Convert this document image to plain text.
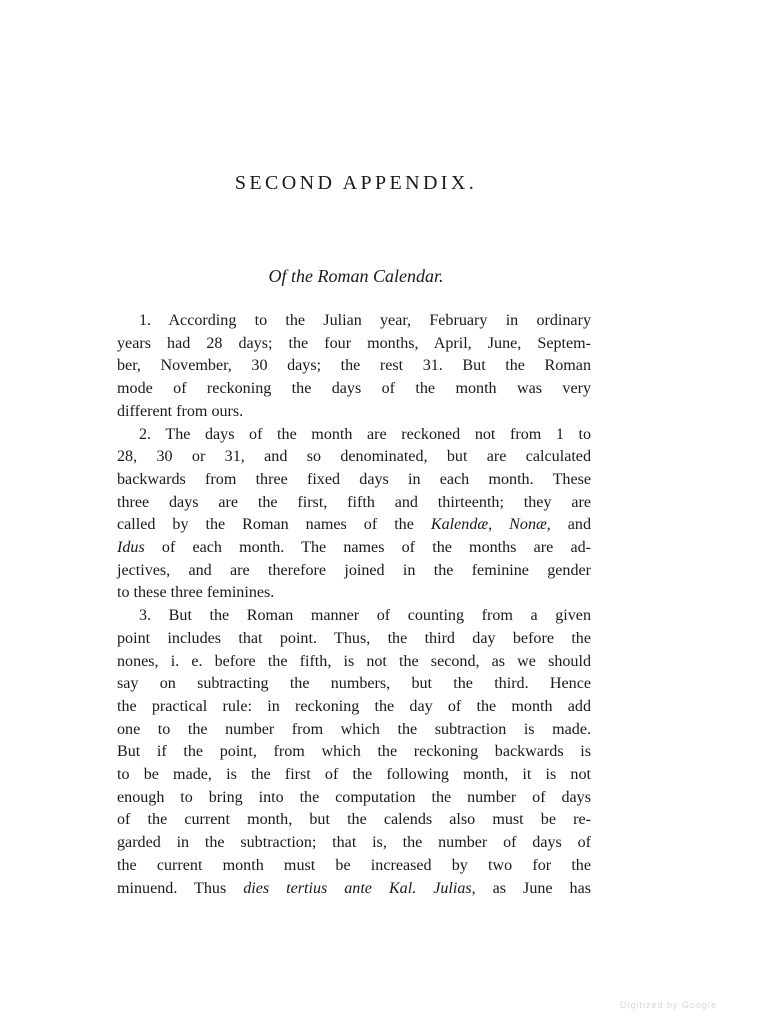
SECOND APPENDIX.
Of the Roman Calendar.
1. According to the Julian year, February in ordinary
years had 28 days; the four months, April, June, Septem-
ber, November, 30 days; the rest 31. But the Roman
mode of reckoning the days of the month was very
different from ours.
2. The days of the month are reckoned not from 1 to
28, 30 or 31, and so denominated, but are calculated
backwards from three fixed days in each month. These
three days are the first, fifth and thirteenth; they are
called by the Roman names of the Kalendæ, Nonæ, and
Idus of each month. The names of the months are ad-
jectives, and are therefore joined in the feminine gender
to these three feminines.
3. But the Roman manner of counting from a given
point includes that point. Thus, the third day before the
nones, i. e. before the fifth, is not the second, as we should
say on subtracting the numbers, but the third. Hence
the practical rule: in reckoning the day of the month add
one to the number from which the subtraction is made.
But if the point, from which the reckoning backwards is
to be made, is the first of the following month, it is not
enough to bring into the computation the number of days
of the current month, but the calends also must be re-
garded in the subtraction; that is, the number of days of
the current month must be increased by two for the
minuend. Thus dies tertius ante Kal. Julias, as June has
Digitized by Google
